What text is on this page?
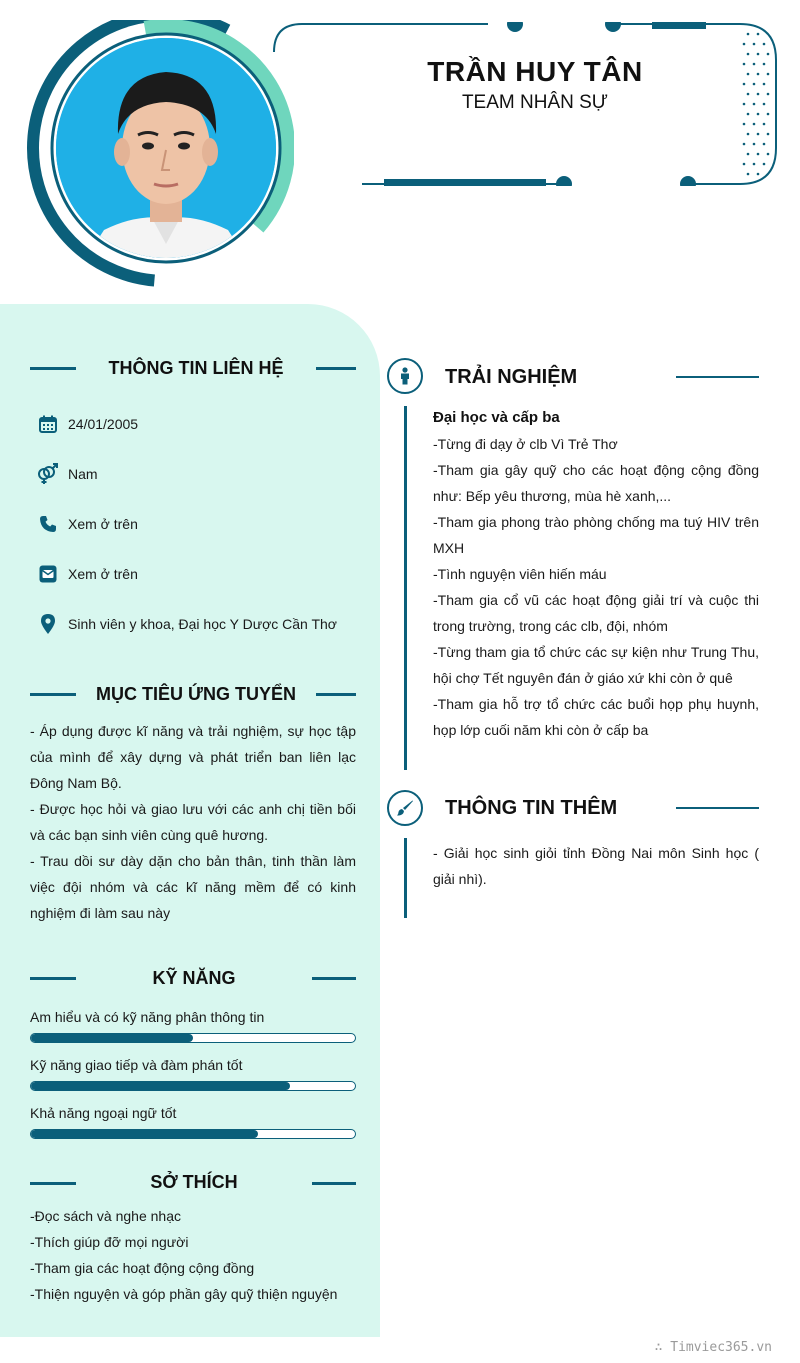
TRẦN HUY TÂN
TEAM NHÂN SỰ
THÔNG TIN LIÊN HỆ
24/01/2005
Nam
Xem ở trên
Xem ở trên
Sinh viên y khoa, Đại học Y Dược Cần Thơ
MỤC TIÊU ỨNG TUYỂN
- Áp dụng được kĩ năng và trải nghiệm, sự học tập của mình để xây dựng và phát triển ban liên lạc Đông Nam Bộ.
- Được học hỏi và giao lưu với các anh chị tiền bối và các bạn sinh viên cùng quê hương.
- Trau dồi sư dày dặn cho bản thân, tinh thần làm việc đội nhóm và các kĩ năng mềm để có kinh nghiệm đi làm sau này
KỸ NĂNG
Am hiểu và có kỹ năng phân thông tin
Kỹ năng giao tiếp và đàm phán tốt
Khả năng ngoại ngữ tốt
SỞ THÍCH
-Đọc sách và nghe nhạc
-Thích giúp đỡ mọi người
-Tham gia các hoạt động cộng đồng
-Thiện nguyện và góp phần gây quỹ thiện nguyện
TRẢI NGHIỆM
Đại học và cấp ba
-Từng đi dạy ở clb Vì Trẻ Thơ
-Tham gia gây quỹ cho các hoạt động cộng đồng như: Bếp yêu thương, mùa hè xanh,...
-Tham gia phong trào phòng chống ma tuý HIV trên MXH
-Tình nguyện viên hiến máu
-Tham gia cổ vũ các hoạt động giải trí và cuộc thi trong trường, trong các clb, đội, nhóm
-Từng tham gia tổ chức các sự kiện như Trung Thu, hội chợ Tết nguyên đán ở giáo xứ khi còn ở quê
-Tham gia hỗ trợ tổ chức các buổi họp phụ huynh, họp lớp cuối năm khi còn ở cấp ba
THÔNG TIN THÊM
- Giải học sinh giỏi tỉnh Đồng Nai môn Sinh học ( giải nhì).
∴ Timviec365.vn
